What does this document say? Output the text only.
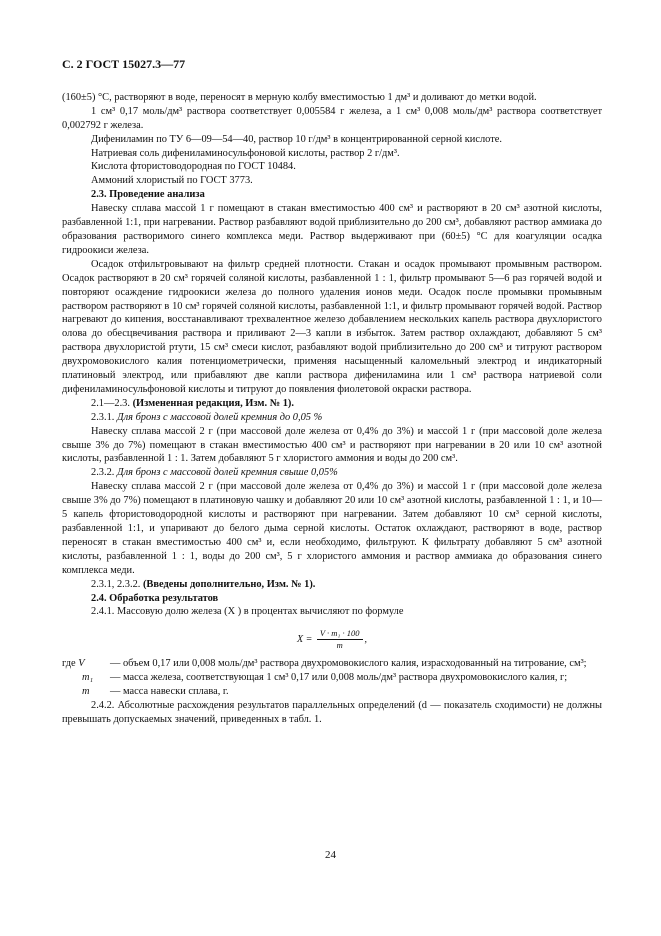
С. 2 ГОСТ 15027.3—77

(160±5) °С, растворяют в воде, переносят в мерную колбу вместимостью 1 дм³ и доливают до метки водой.

1 см³ 0,17 моль/дм³ раствора соответствует 0,005584 г железа, а 1 см³ 0,008 моль/дм³ раствора соответствует 0,002792 г железа.

Дифениламин по ТУ 6—09—54—40, раствор 10 г/дм³ в концентрированной серной кислоте.

Натриевая соль дифениламиносульфоновой кислоты, раствор 2 г/дм³.

Кислота фтористоводородная по ГОСТ 10484.

Аммоний хлористый по ГОСТ 3773.

2.3. Проведение анализа

Навеску сплава массой 1 г помещают в стакан вместимостью 400 см³ и растворяют в 20 см³ азотной кислоты, разбавленной 1:1, при нагревании. Раствор разбавляют водой приблизительно до 200 см³, добавляют раствор аммиака до образования растворимого синего комплекса меди. Раствор выдерживают при (60±5) °С для коагуляции осадка гидроокиси железа.

Осадок отфильтровывают на фильтр средней плотности. Стакан и осадок промывают промывным раствором. Осадок растворяют в 20 см³ горячей соляной кислоты, разбавленной 1 : 1, фильтр промывают 5—6 раз горячей водой и повторяют осаждение гидроокиси железа до полного удаления ионов меди. Осадок после промывки промывным раствором растворяют в 10 см³ горячей соляной кислоты, разбавленной 1:1, и фильтр промывают горячей водой. Раствор нагревают до кипения, восстанавливают трехвалентное железо добавлением нескольких капель раствора двухлористого олова до обесцвечивания раствора и приливают 2—3 капли в избыток. Затем раствор охлаждают, добавляют 5 см³ раствора двухлористой ртути, 15 см³ смеси кислот, разбавляют водой приблизительно до 200 см³ и титруют раствором двухромовокислого калия потенциометрически, применяя насыщенный каломельный электрод и индикаторный платиновый электрод, или прибавляют две капли раствора дифениламина или 1 см³ раствора натриевой соли дифениламиносульфоновой кислоты и титруют до появления фиолетовой окраски раствора.

2.1—2.3. (Измененная редакция, Изм. № 1).

2.3.1. Для бронз с массовой долей кремния до 0,05 %

Навеску сплава массой 2 г (при массовой доле железа от 0,4% до 3%) и массой 1 г (при массовой доле железа свыше 3% до 7%) помещают в стакан вместимостью 400 см³ и растворяют при нагревании в 20 или 10 см³ азотной кислоты, разбавленной 1 : 1. Затем добавляют 5 г хлористого аммония и воды до 200 см³.

2.3.2. Для бронз с массовой долей кремния свыше 0,05%

Навеску сплава массой 2 г (при массовой доле железа от 0,4% до 3%) и массой 1 г (при массовой доле железа свыше 3% до 7%) помещают в платиновую чашку и добавляют 20 или 10 см³ азотной кислоты, разбавленной 1 : 1, и 10—5 капель фтористоводородной кислоты и растворяют при нагревании. Затем добавляют 10 см³ серной кислоты, разбавленной 1:1, и упаривают до белого дыма серной кислоты. Остаток охлаждают, растворяют в воде, раствор переносят в стакан вместимостью 400 см³ и, если необходимо, фильтруют. К фильтрату добавляют 5 см³ азотной кислоты, разбавленной 1 : 1, воды до 200 см³, 5 г хлористого аммония и раствор аммиака до образования синего комплекса меди.

2.3.1, 2.3.2. (Введены дополнительно, Изм. № 1).

2.4. Обработка результатов

2.4.1. Массовую долю железа (X ) в процентах вычисляют по формуле

$X = \frac{\text{V · m₁ · 100}}{m}$ ,
где V	— объем 0,17 или 0,008 моль/дм³ раствора двухромовокислого калия, израсходованный на титрование, см³;
m₁	— масса железа, соответствующая 1 см³ 0,17 или 0,008 моль/дм³ раствора двухромовокислого калия, г;
m	— масса навески сплава, г.

2.4.2. Абсолютные расхождения результатов параллельных определений (d — показатель сходимости) не должны превышать допускаемых значений, приведенных в табл. 1.

24
